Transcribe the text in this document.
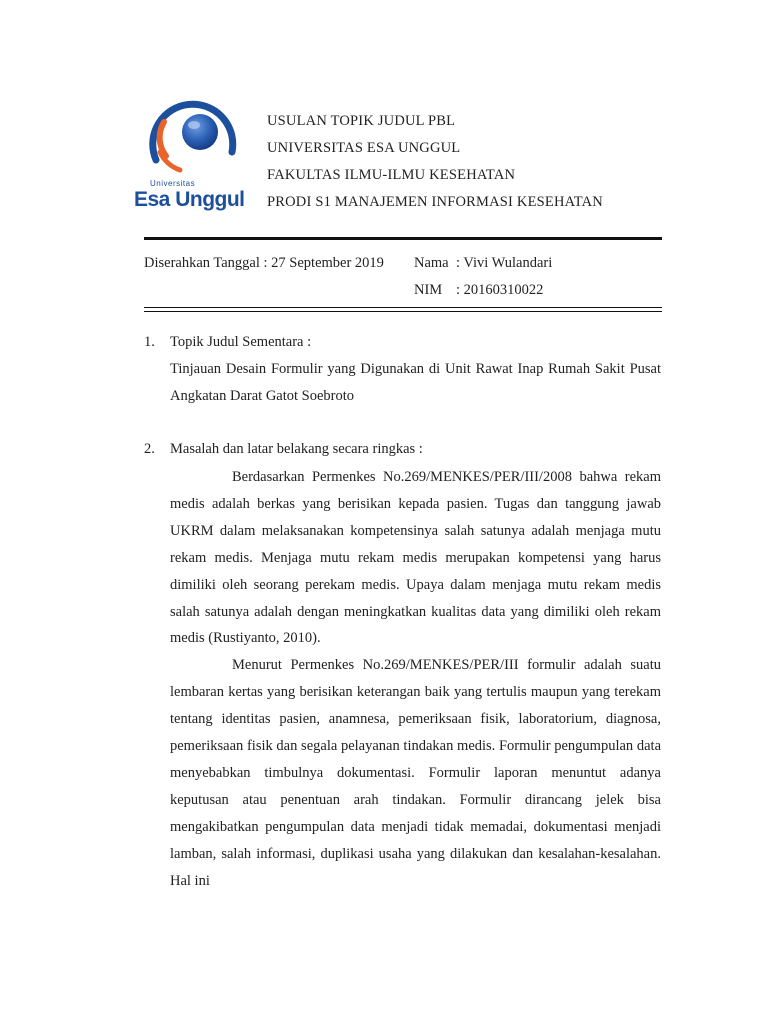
Universitas
Esa Unggul
USULAN TOPIK JUDUL PBL
UNIVERSITAS ESA UNGGUL
FAKULTAS ILMU-ILMU KESEHATAN
PRODI S1 MANAJEMEN INFORMASI KESEHATAN
Diserahkan Tanggal : 27 September 2019 Nama : Vivi Wulandari
NIM : 20160310022
1. Topik Judul Sementara :

Tinjauan Desain Formulir yang Digunakan di Unit Rawat Inap Rumah Sakit Pusat Angkatan Darat Gatot Soebroto

2. Masalah dan latar belakang secara ringkas :

Berdasarkan Permenkes No.269/MENKES/PER/III/2008 bahwa rekam medis adalah berkas yang berisikan kepada pasien. Tugas dan tanggung jawab UKRM dalam melaksanakan kompetensinya salah satunya adalah menjaga mutu rekam medis. Menjaga mutu rekam medis merupakan kompetensi yang harus dimiliki oleh seorang perekam medis. Upaya dalam menjaga mutu rekam medis salah satunya adalah dengan meningkatkan kualitas data yang dimiliki oleh rekam medis (Rustiyanto, 2010).

Menurut Permenkes No.269/MENKES/PER/III formulir adalah suatu lembaran kertas yang berisikan keterangan baik yang tertulis maupun yang terekam tentang identitas pasien, anamnesa, pemeriksaan fisik, laboratorium, diagnosa, pemeriksaan fisik dan segala pelayanan tindakan medis. Formulir pengumpulan data menyebabkan timbulnya dokumentasi. Formulir laporan menuntut adanya keputusan atau penentuan arah tindakan. Formulir dirancang jelek bisa mengakibatkan pengumpulan data menjadi tidak memadai, dokumentasi menjadi lamban, salah informasi, duplikasi usaha yang dilakukan dan kesalahan-kesalahan. Hal ini
